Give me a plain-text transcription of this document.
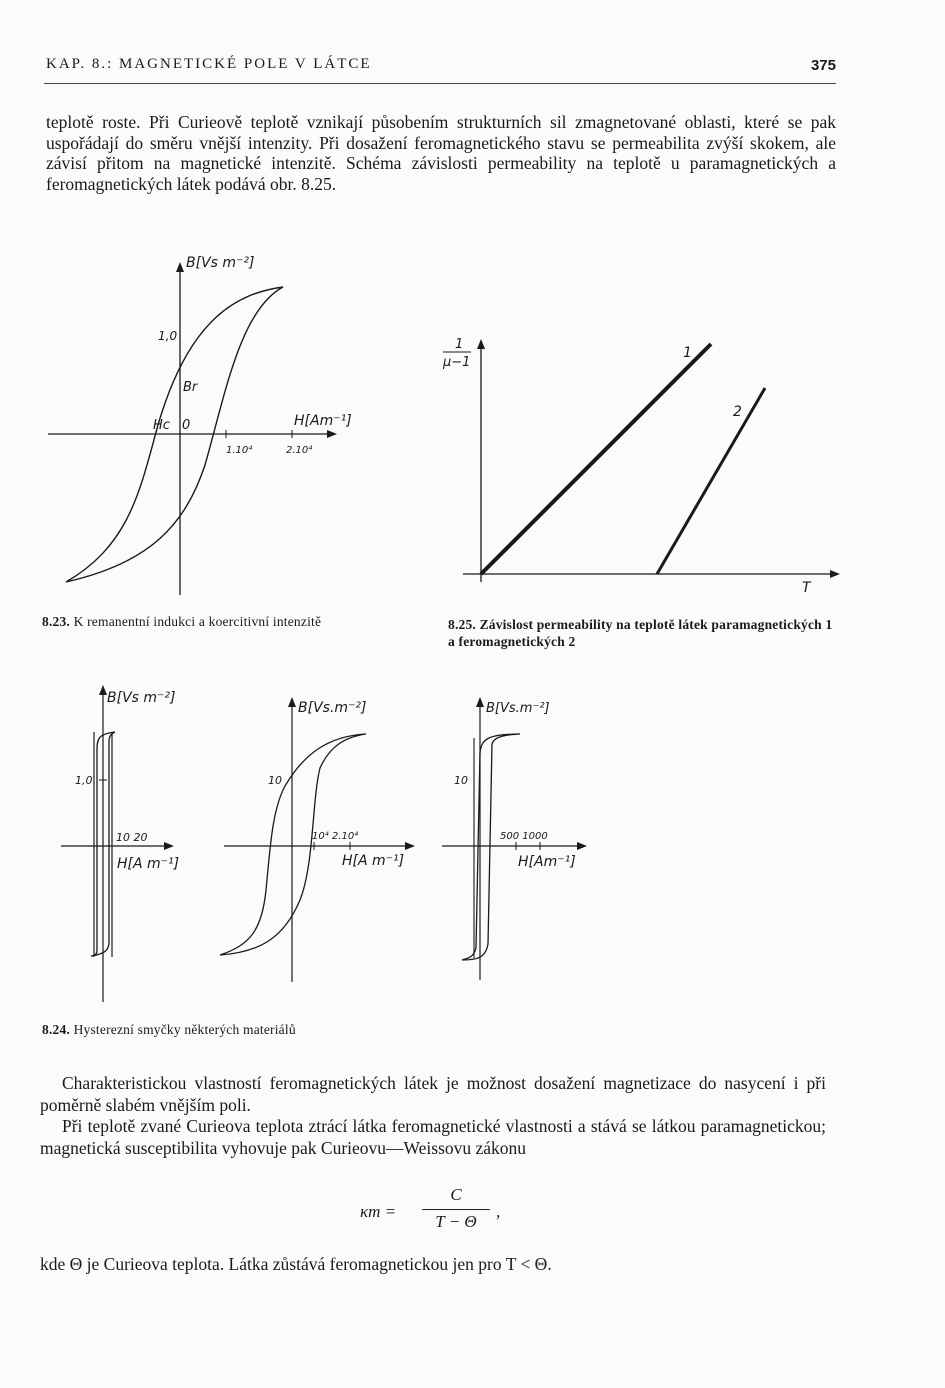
KAP. 8.: MAGNETICKÉ POLE V LÁTCE	375
teplotě roste. Při Curieově teplotě vznikají působením strukturních sil zmagnetované oblasti, které se pak uspořádají do směru vnější intenzity. Při dosažení feromagnetického stavu se permeabilita zvýší skokem, ale závisí přitom na magnetické intenzitě. Schéma závislosti permeability na teplotě u paramagnetických a feromagnetických látek podává obr. 8.25.
B[Vs m⁻²]
1,0
Br
Hc 0	H[Am⁻¹]
1.10⁴	2.10⁴
8.23. K remanentní indukci a koercitivní intenzitě
1
μ−1
1
2
T
8.25. Závislost permeability na teplotě látek paramagnetických 1 a feromagnetických 2
B[Vs m⁻²]
1,0
10 20
H[A m⁻¹]
B[Vs.m⁻²]
10
10⁴ 2.10⁴
H[A m⁻¹]
B[Vs.m⁻²]
10
500 1000
H[Am⁻¹]
8.24. Hysterezní smyčky některých materiálů
Charakteristickou vlastností feromagnetických látek je možnost dosažení magnetizace do nasycení i při poměrně slabém vnějším poli.
Při teplotě zvané Curieova teplota ztrácí látka feromagnetické vlastnosti a stává se látkou paramagnetickou; magnetická susceptibilita vyhovuje pak Curieovu—Weissovu zákonu
$\kappa m = \frac{C}{T - \Theta}$ ,
kde Θ je Curieova teplota. Látka zůstává feromagnetickou jen pro T < Θ.
